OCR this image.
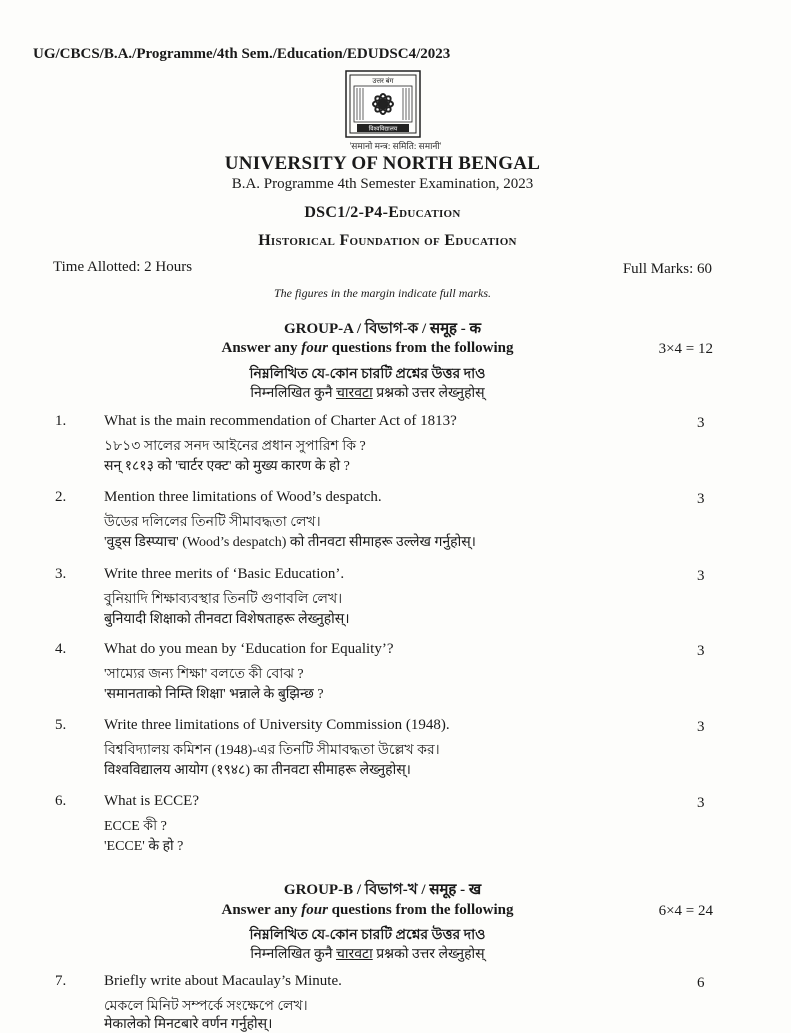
UG/CBCS/B.A./Programme/4th Sem./Education/EDUDSC4/2023
उत्तर बंग
विश्वविद्यालय
'समानो मन्त्र: समिति: समानी'
UNIVERSITY OF NORTH BENGAL
B.A. Programme 4th Semester Examination, 2023
DSC1/2-P4-Education
Historical Foundation of Education
Time Allotted: 2 Hours	Full Marks: 60
The figures in the margin indicate full marks.
GROUP-A / বিভাগ-ক / समूह - क
Answer any four questions from the following	3×4 = 12
নিম্নলিখিত যে-কোন চারটি প্রশ্নের উত্তর দাও
निम्नलिखित कुनै चारवटा प्रश्नको उत्तर लेख्नुहोस्
1.	What is the main recommendation of Charter Act of 1813?	3
১৮১৩ সালের সনদ আইনের প্রধান সুপারিশ কি ?
सन् १८१३ को 'चार्टर एक्ट' को मुख्य कारण के हो ?
2.	Mention three limitations of Wood’s despatch.	3
উডের দলিলের তিনটি সীমাবদ্ধতা লেখ।
'वुड्स डिस्प्याच' (Wood’s despatch) को तीनवटा सीमाहरू उल्लेख गर्नुहोस्।
3.	Write three merits of ‘Basic Education’.	3
বুনিয়াদি শিক্ষাব্যবস্থার তিনটি গুণাবলি লেখ।
बुनियादी शिक्षाको तीनवटा विशेषताहरू लेख्नुहोस्।
4.	What do you mean by ‘Education for Equality’?	3
'সাম্যের জন্য শিক্ষা' বলতে কী বোঝ ?
'समानताको निम्ति शिक्षा' भन्नाले के बुझिन्छ ?
5.	Write three limitations of University Commission (1948).	3
বিশ্ববিদ্যালয় কমিশন (1948)-এর তিনটি সীমাবদ্ধতা উল্লেখ কর।
विश्वविद्यालय आयोग (१९४८) का तीनवटा सीमाहरू लेख्नुहोस्।
6.	What is ECCE?	3
ECCE কী ?
'ECCE' के हो ?
GROUP-B / বিভাগ-খ / समूह - ख
Answer any four questions from the following	6×4 = 24
নিম্নলিখিত যে-কোন চারটি প্রশ্নের উত্তর দাও
निम्नलिखित कुनै चारवटा प्रश्नको उत्तर लेख्नुहोस्
7.	Briefly write about Macaulay’s Minute.	6
মেকলে মিনিট সম্পর্কে সংক্ষেপে লেখ।
मेकालेको मिनटबारे वर्णन गर्नुहोस्।
